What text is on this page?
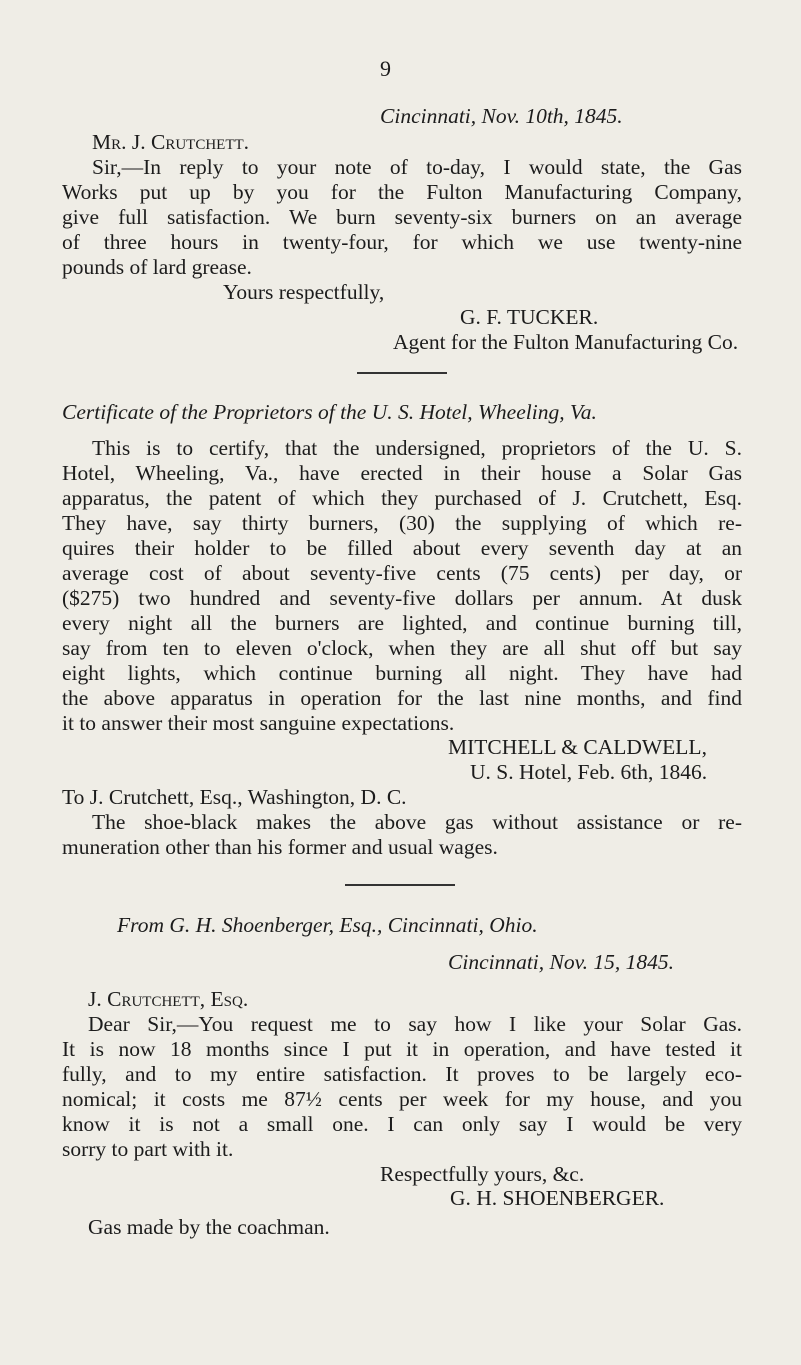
9
Cincinnati, Nov. 10th, 1845.
Mr. J. Crutchett.
Sir,—In reply to your note of to-day, I would state, the Gas
Works put up by you for the Fulton Manufacturing Company,
give full satisfaction. We burn seventy-six burners on an average
of three hours in twenty-four, for which we use twenty-nine
pounds of lard grease.
Yours respectfully,
G. F. TUCKER.
Agent for the Fulton Manufacturing Co.
Certificate of the Proprietors of the U. S. Hotel, Wheeling, Va.
This is to certify, that the undersigned, proprietors of the U. S.
Hotel, Wheeling, Va., have erected in their house a Solar Gas
apparatus, the patent of which they purchased of J. Crutchett, Esq.
They have, say thirty burners, (30) the supplying of which re-
quires their holder to be filled about every seventh day at an
average cost of about seventy-five cents (75 cents) per day, or
($275) two hundred and seventy-five dollars per annum. At dusk
every night all the burners are lighted, and continue burning till,
say from ten to eleven o'clock, when they are all shut off but say
eight lights, which continue burning all night. They have had
the above apparatus in operation for the last nine months, and find
it to answer their most sanguine expectations.
MITCHELL & CALDWELL,
U. S. Hotel, Feb. 6th, 1846.
To J. Crutchett, Esq., Washington, D. C.
The shoe-black makes the above gas without assistance or re-
muneration other than his former and usual wages.
From G. H. Shoenberger, Esq., Cincinnati, Ohio.
Cincinnati, Nov. 15, 1845.
J. Crutchett, Esq.
Dear Sir,—You request me to say how I like your Solar Gas.
It is now 18 months since I put it in operation, and have tested it
fully, and to my entire satisfaction. It proves to be largely eco-
nomical; it costs me 87½ cents per week for my house, and you
know it is not a small one. I can only say I would be very
sorry to part with it.
Respectfully yours, &c.
G. H. SHOENBERGER.
Gas made by the coachman.
